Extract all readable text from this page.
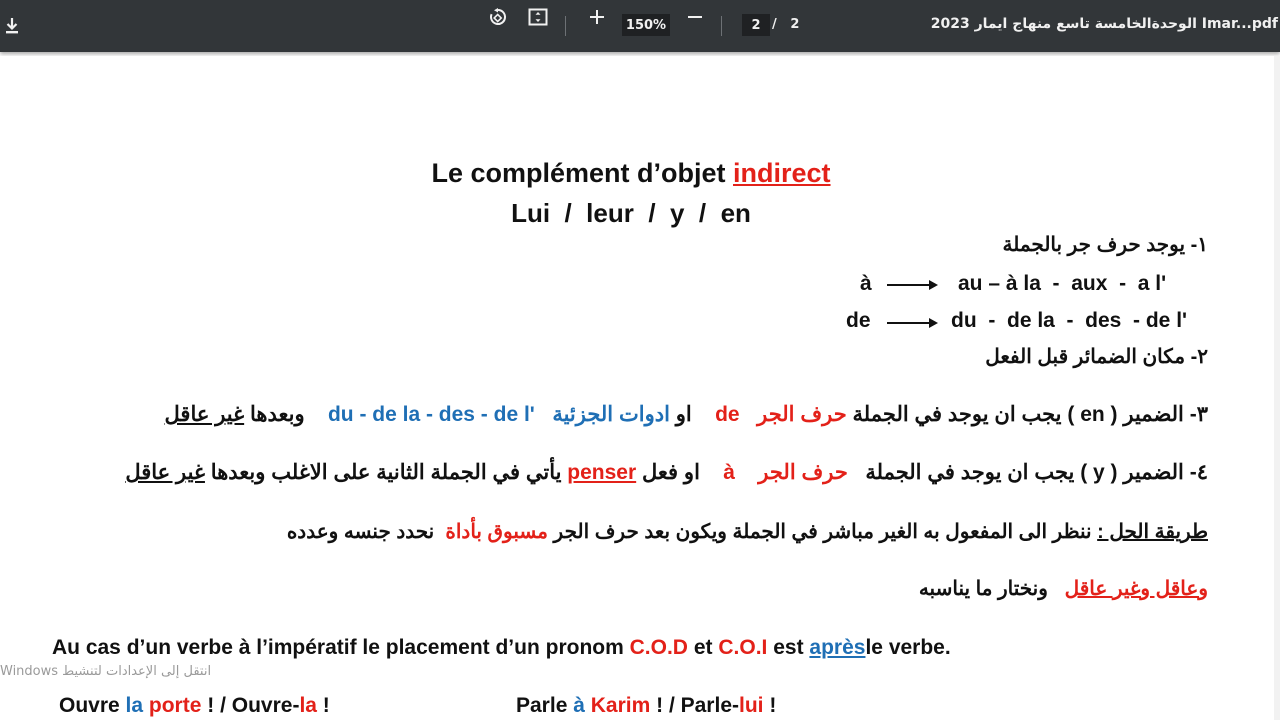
150%	2 / 2	الوحدةالخامسة تاسع منهاج ايمار 2023 Imar...pdf
Le complément d’objet indirect
Lui  /  leur  /  y  /  en
١- يوجد حرف جر بالجملة
à	au – à la  -  aux  -  a l'
de	du  -  de la  -  des  - de l'
٢- مكان الضمائر قبل الفعل
٣- الضمير ( en ) يجب ان يوجد في الجملة حرف الجر   de    او ادوات الجزئية   du - de la - des - de l'    وبعدها غير عاقل
٤- الضمير ( y ) يجب ان يوجد في الجملة   حرف الجر    à    او فعل penser يأتي في الجملة الثانية على الاغلب وبعدها غير عاقل
طريقة الحل : ننظر الى المفعول به الغير مباشر في الجملة ويكون بعد حرف الجر مسبوق بأداة  نحدد جنسه وعدده
وعاقل وغير عاقل   ونختار ما يناسبه
Au cas d’un verbe à l’impératif le placement d’un pronom C.O.D et C.O.I est aprèsle verbe.
Ouvre la porte ! / Ouvre-la !	Parle à Karim ! / Parle-lui !
انتقل إلى الإعدادات لتنشيط Windows
